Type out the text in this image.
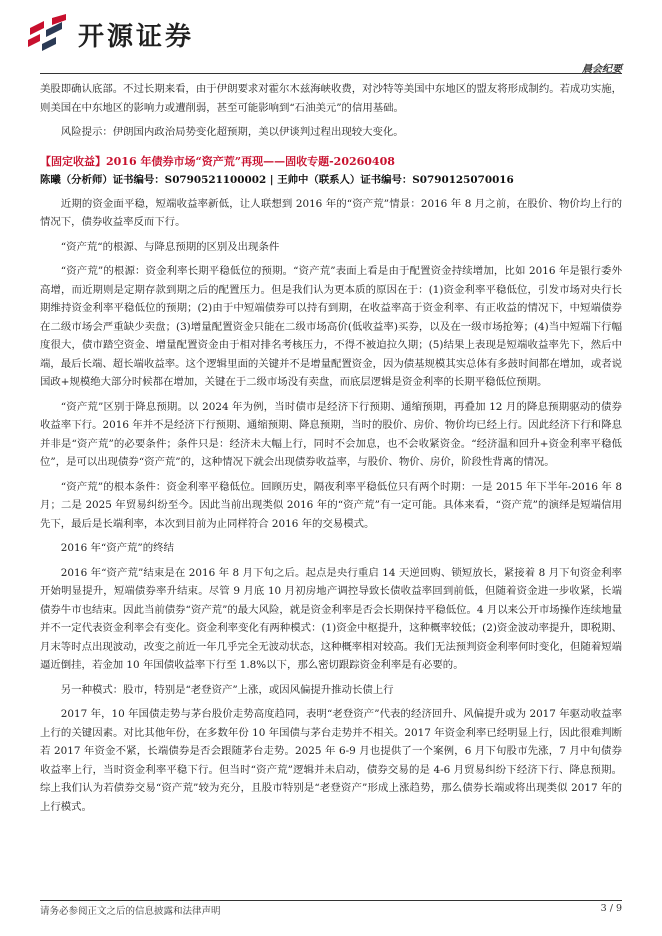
开源证券
晨会纪要

美股即确认底部。不过长期来看，由于伊朗要求对霍尔木兹海峡收费，对沙特等美国中东地区的盟友将形成制约。若成功实施，则美国在中东地区的影响力或遭削弱，甚至可能影响到“石油美元”的信用基础。

风险提示：伊朗国内政治局势变化超预期，美以伊谈判过程出现较大变化。

【固定收益】2016 年债券市场“资产荒”再现——固收专题-20260408
陈曦（分析师）证书编号：S0790521100002 | 王帅中（联系人）证书编号：S0790125070016

近期的资金面平稳，短端收益率新低，让人联想到 2016 年的“资产荒”情景：2016 年 8 月之前，在股价、物价均上行的情况下，债券收益率反而下行。

“资产荒“的根源、与降息预期的区别及出现条件

“资产荒”的根源：资金利率长期平稳低位的预期。“资产荒”表面上看是由于配置资金持续增加，比如 2016 年是银行委外高增，而近期则是定期存款到期之后的配置压力。但是我们认为更本质的原因在于：(1)资金利率平稳低位，引发市场对央行长期维持资金利率平稳低位的预期；(2)由于中短端债券可以持有到期，在收益率高于资金利率、有正收益的情况下，中短端债券在二级市场会严重缺少卖盘；(3)增量配置资金只能在二级市场高价(低收益率)买券，以及在一级市场抢筹；(4)当中短端下行幅度很大，债市踏空资金、增量配置资金由于相对排名考核压力，不得不被迫拉久期；(5)结果上表现是短端收益率先下，然后中端，最后长端、超长端收益率。这个逻辑里面的关键并不是增量配置资金，因为债基规模其实总体有多鼓时间都在增加，或者说国政+规模绝大部分时候都在增加，关键在于二级市场没有卖盘，而底层逻辑是资金利率的长期平稳低位预期。

“资产荒”区别于降息预期。以 2024 年为例，当时债市是经济下行预期、通缩预期，再叠加 12 月的降息预期驱动的债券收益率下行。2016 年并不是经济下行预期、通缩预期、降息预期，当时的股价、房价、物价均已经上行。因此经济下行和降息并非是“资产荒”的必要条件；条件只是：经济未大幅上行，同时不会加息，也不会收紧资金。“经济温和回升+资金利率平稳低位”，是可以出现债券“资产荒”的，这种情况下就会出现债券收益率，与股价、物价、房价，阶段性背离的情况。

“资产荒”的根本条件：资金利率平稳低位。回顾历史，隔夜利率平稳低位只有两个时期：一是 2015 年下半年-2016 年 8 月；二是 2025 年贸易纠纷至今。因此当前出现类似 2016 年的“资产荒”有一定可能。具体来看，“资产荒”的演绎是短端信用先下，最后是长端利率，本次到目前为止同样符合 2016 年的交易模式。

2016 年“资产荒”的终结

2016 年“资产荒”结束是在 2016 年 8 月下旬之后。起点是央行重启 14 天逆回购、锁短放长，紧接着 8 月下旬资金利率开始明显提升，短端债券率升结束。尽管 9 月底 10 月初房地产调控导致长债收益率回到前低，但随着资金进一步收紧，长端债券牛市也结束。因此当前债券“资产荒”的最大风险，就是资金利率是否会长期保持平稳低位。4 月以来公开市场操作连续地量并不一定代表资金利率会有变化。资金利率变化有两种模式：(1)资金中枢提升，这种概率较低；(2)资金波动率提升，即税期、月末等时点出现波动，改变之前近一年几乎完全无波动状态，这种概率相对较高。我们无法预判资金利率何时变化，但随着短端逼近倒挂，若金加 10 年国债收益率下行至 1.8%以下，那么密切跟踪资金利率是有必要的。

另一种模式：股市，特别是“老登资产”上涨，或因风偏提升推动长债上行

2017 年，10 年国债走势与茅台股价走势高度趋同，表明“老登资产”代表的经济回升、风偏提升或为 2017 年驱动收益率上行的关键因素。对比其他年份，在多数年份 10 年国债与茅台走势并不相关。2017 年资金利率已经明显上行，因此很难判断若 2017 年资金不紧，长端债券是否会跟随茅台走势。2025 年 6-9 月也提供了一个案例，6 月下旬股市先涨，7 月中旬债券收益率上行，当时资金利率平稳下行。但当时“资产荒”逻辑并未启动，债券交易的是 4-6 月贸易纠纷下经济下行、降息预期。综上我们认为若债券交易“资产荒”较为充分，且股市特别是“老登资产”形成上涨趋势，那么债券长端或将出现类似 2017 年的上行模式。

请务必参阅正文之后的信息披露和法律声明	3 / 9
